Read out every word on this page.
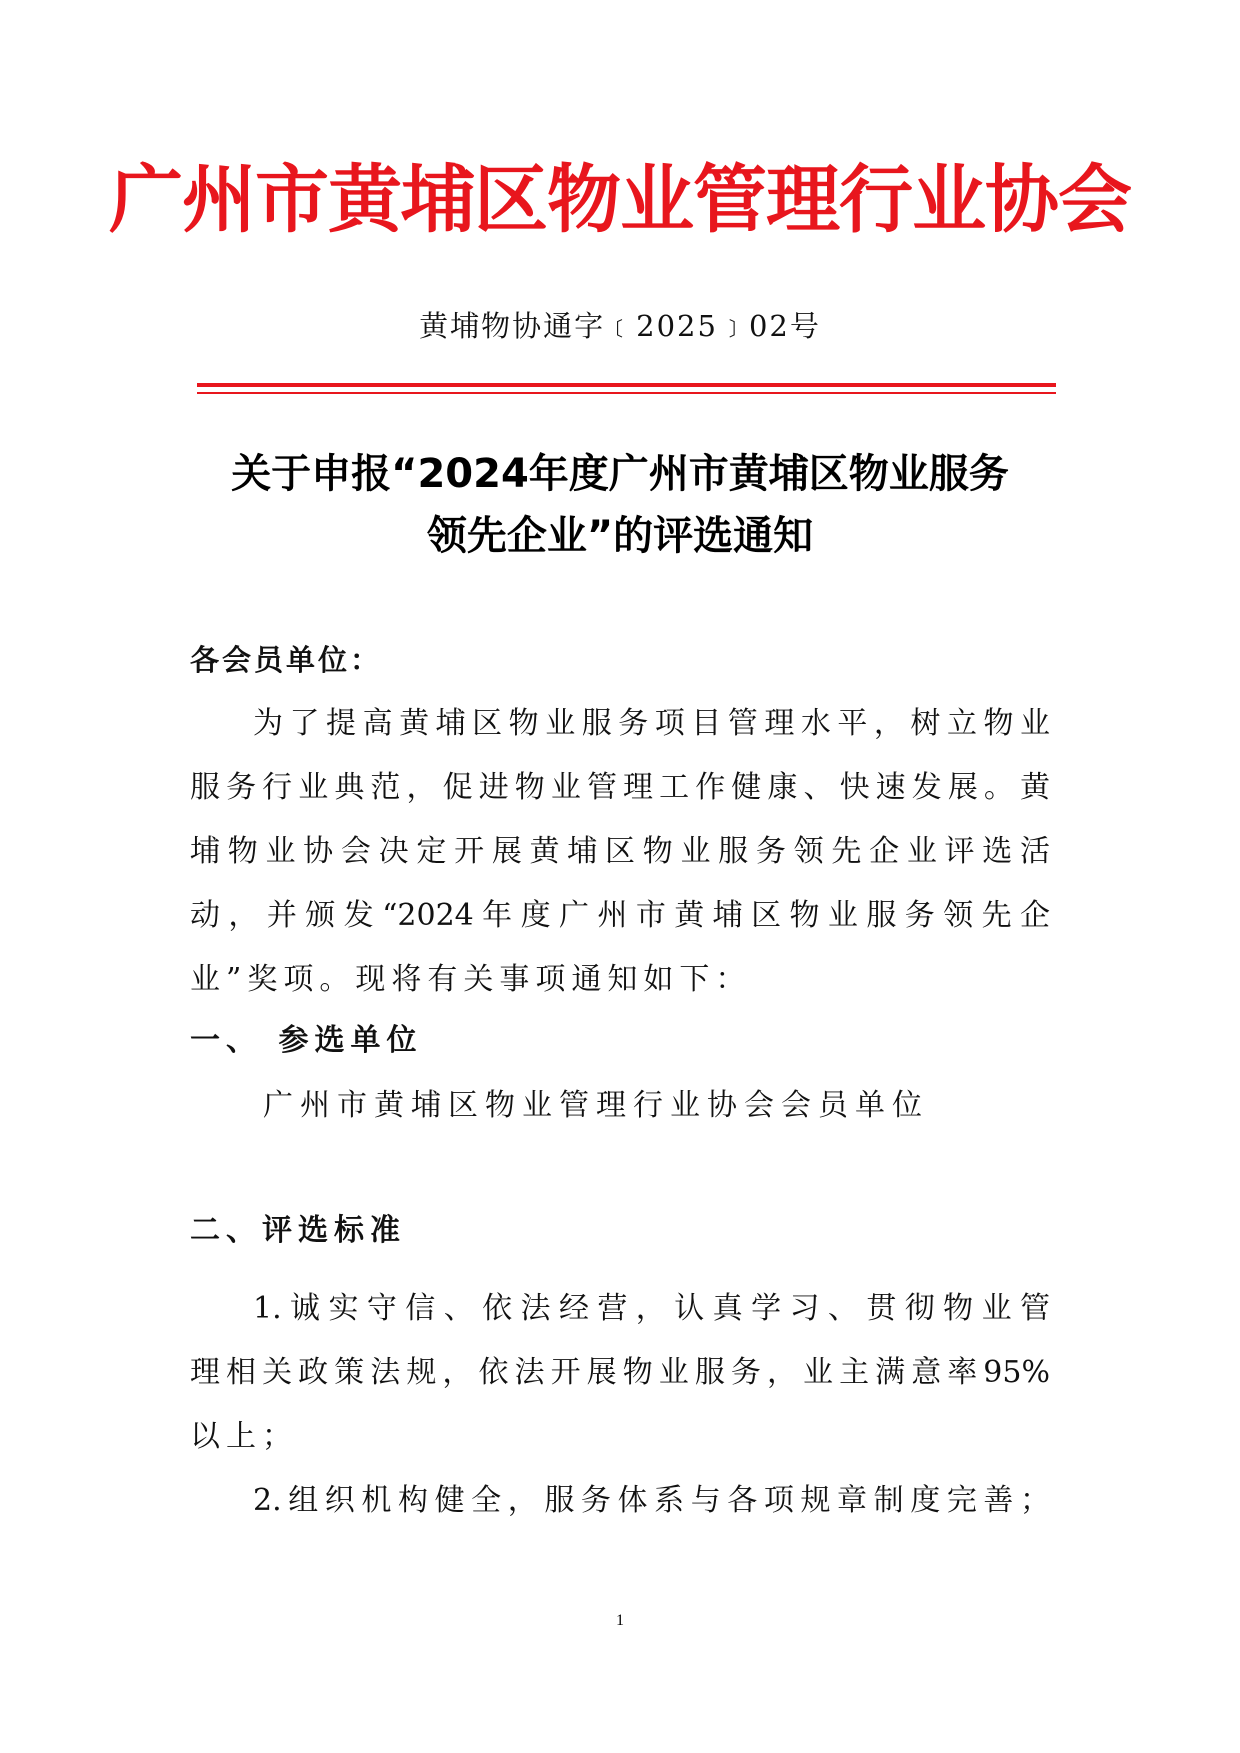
广州市黄埔区物业管理行业协会
黄埔物协通字﹝2025﹞02号
关于申报“2024年度广州市黄埔区物业服务
领先企业”的评选通知
各会员单位：
为了提高黄埔区物业服务项目管理水平，树立物业
服务行业典范，促进物业管理工作健康、快速发展。黄
埔物业协会决定开展黄埔区物业服务领先企业评选活
动，并颁发“2024年度广州市黄埔区物业服务领先企
业”奖项。现将有关事项通知如下：
一、 参选单位
广州市黄埔区物业管理行业协会会员单位
二、评选标准
1.诚实守信、依法经营，认真学习、贯彻物业管
理相关政策法规，依法开展物业服务，业主满意率95%
以上；
2.组织机构健全，服务体系与各项规章制度完善；
1
